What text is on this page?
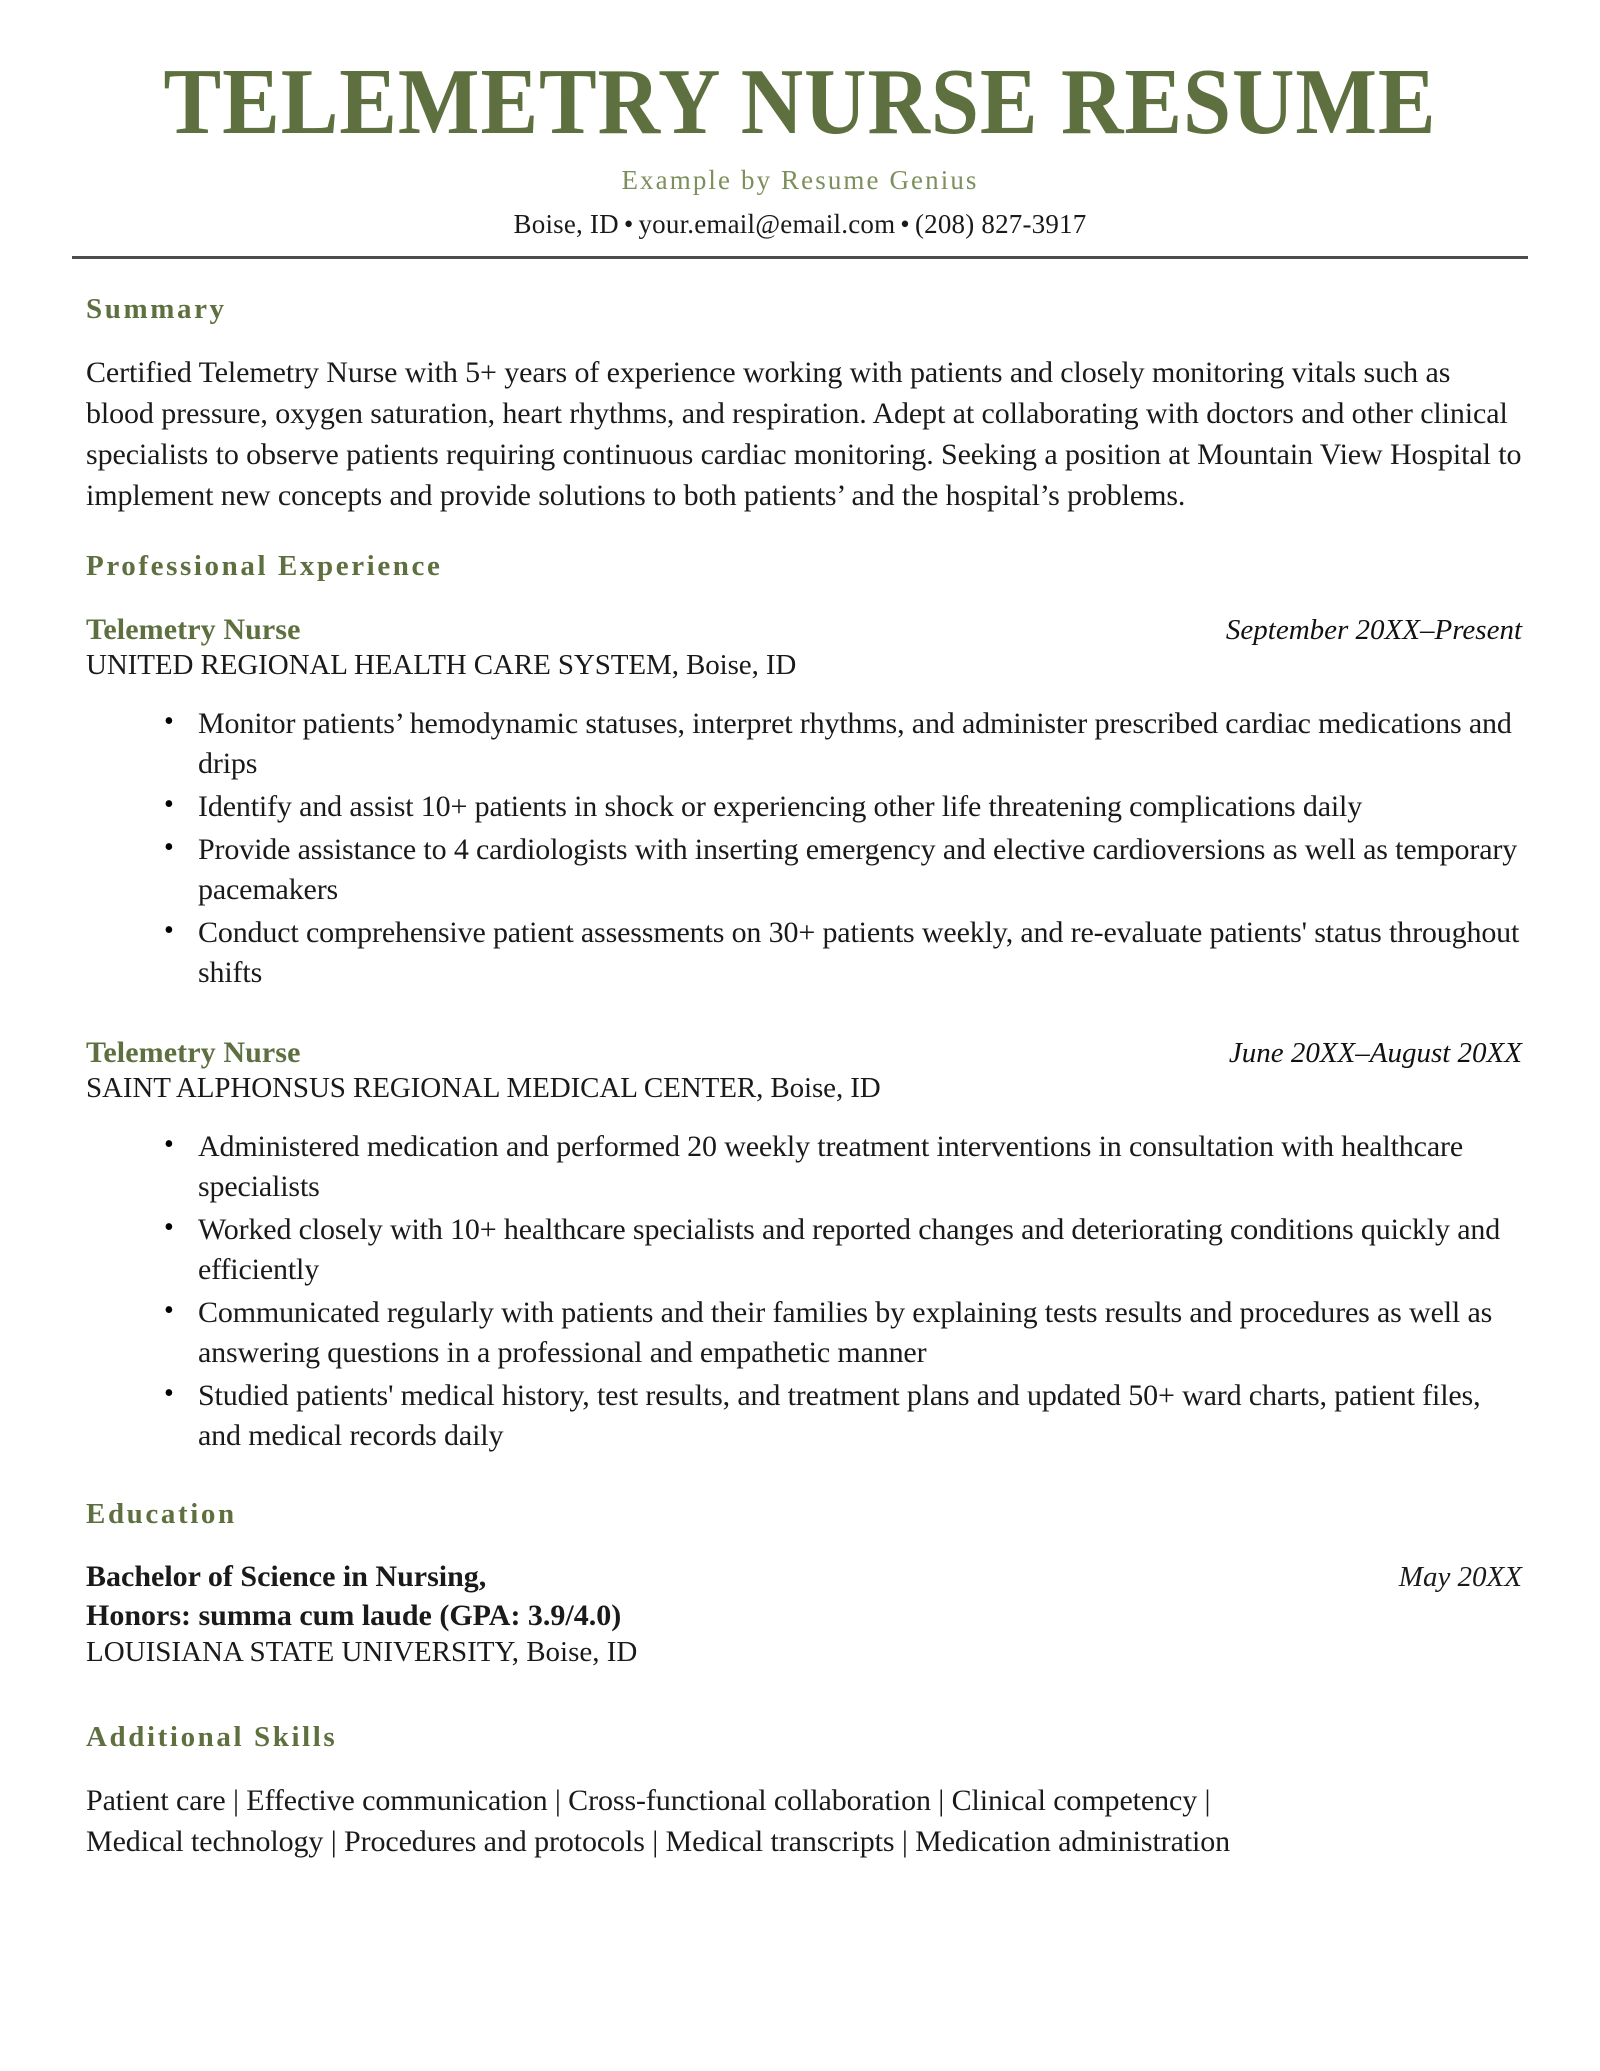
TELEMETRY NURSE RESUME
Example by Resume Genius
Boise, ID • your.email@email.com • (208) 827-3917
Summary

Certified Telemetry Nurse with 5+ years of experience working with patients and closely monitoring vitals such as blood pressure, oxygen saturation, heart rhythms, and respiration. Adept at collaborating with doctors and other clinical specialists to observe patients requiring continuous cardiac monitoring. Seeking a position at Mountain View Hospital to implement new concepts and provide solutions to both patients’ and the hospital’s problems.

Professional Experience
Telemetry Nurse	September 20XX–Present
UNITED REGIONAL HEALTH CARE SYSTEM, Boise, ID
• Monitor patients’ hemodynamic statuses, interpret rhythms, and administer prescribed cardiac medications and drips
• Identify and assist 10+ patients in shock or experiencing other life threatening complications daily
• Provide assistance to 4 cardiologists with inserting emergency and elective cardioversions as well as temporary pacemakers
• Conduct comprehensive patient assessments on 30+ patients weekly, and re-evaluate patients' status throughout shifts
Telemetry Nurse	June 20XX–August 20XX
SAINT ALPHONSUS REGIONAL MEDICAL CENTER, Boise, ID
• Administered medication and performed 20 weekly treatment interventions in consultation with healthcare specialists
• Worked closely with 10+ healthcare specialists and reported changes and deteriorating conditions quickly and efficiently
• Communicated regularly with patients and their families by explaining tests results and procedures as well as answering questions in a professional and empathetic manner
• Studied patients' medical history, test results, and treatment plans and updated 50+ ward charts, patient files, and medical records daily
Education
Bachelor of Science in Nursing,
Honors: summa cum laude (GPA: 3.9/4.0)
May 20XX
LOUISIANA STATE UNIVERSITY, Boise, ID
Additional Skills
Patient care | Effective communication | Cross-functional collaboration | Clinical competency |
Medical technology | Procedures and protocols | Medical transcripts | Medication administration
